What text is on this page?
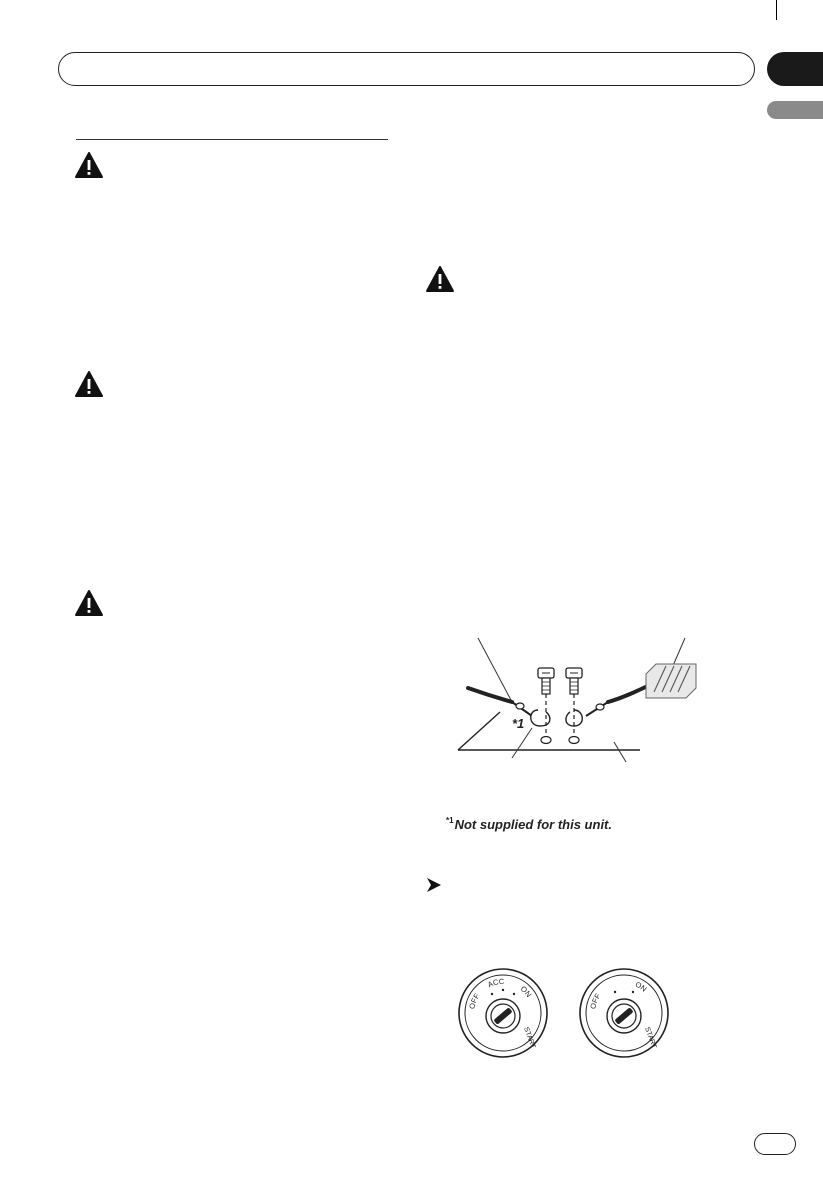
*1
$^{*1}$Not supplied for this unit.
OFF
ACC
ON
START
OFF
ON
START
